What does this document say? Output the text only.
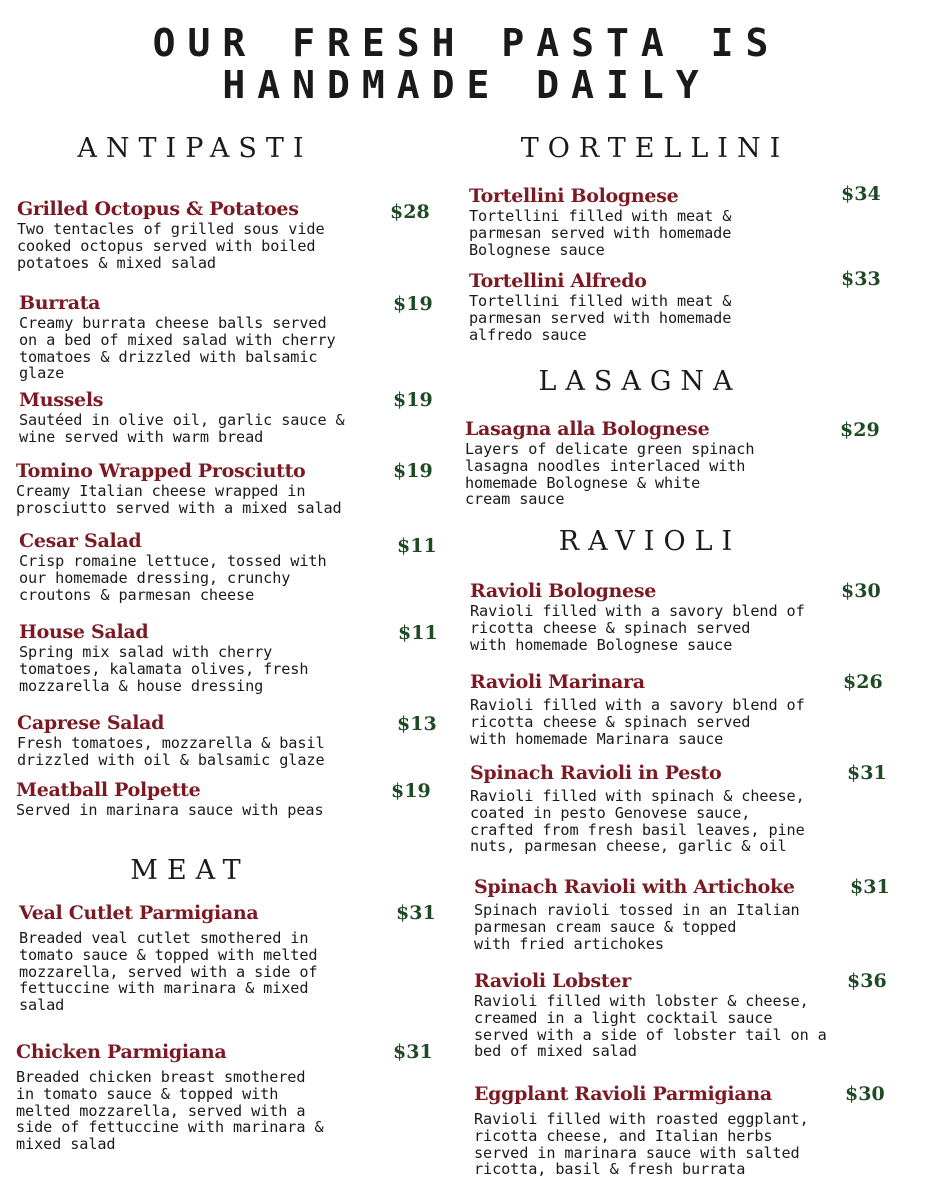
OUR FRESH PASTA IS HANDMADE DAILY
ANTIPASTI
Grilled Octopus & Potatoes
Two tentacles of grilled sous vide
cooked octopus served with boiled
potatoes & mixed salad
$28
Burrata
Creamy burrata cheese balls served
on a bed of mixed salad with cherry
tomatoes & drizzled with balsamic
glaze
$19
Mussels
Sautéed in olive oil, garlic sauce &
wine served with warm bread
$19
Tomino Wrapped Prosciutto
Creamy Italian cheese wrapped in
prosciutto served with a mixed salad
$19
Cesar Salad
Crisp romaine lettuce, tossed with
our homemade dressing, crunchy
croutons & parmesan cheese
$11
House Salad
Spring mix salad with cherry
tomatoes, kalamata olives, fresh
mozzarella & house dressing
$11
Caprese Salad
Fresh tomatoes, mozzarella & basil
drizzled with oil & balsamic glaze
$13
Meatball Polpette
Served in marinara sauce with peas
$19
MEAT
Veal Cutlet Parmigiana
Breaded veal cutlet smothered in
tomato sauce & topped with melted
mozzarella, served with a side of
fettuccine with marinara & mixed
salad
$31
Chicken Parmigiana
Breaded chicken breast smothered
in tomato sauce & topped with
melted mozzarella, served with a
side of fettuccine with marinara &
mixed salad
$31
TORTELLINI
Tortellini Bolognese
Tortellini filled with meat &
parmesan served with homemade
Bolognese sauce
$34
Tortellini Alfredo
Tortellini filled with meat &
parmesan served with homemade
alfredo sauce
$33
LASAGNA
Lasagna alla Bolognese
Layers of delicate green spinach
lasagna noodles interlaced with
homemade Bolognese & white
cream sauce
$29
RAVIOLI
Ravioli Bolognese
Ravioli filled with a savory blend of
ricotta cheese & spinach served
with homemade Bolognese sauce
$30
Ravioli Marinara
Ravioli filled with a savory blend of
ricotta cheese & spinach served
with homemade Marinara sauce
$26
Spinach Ravioli in Pesto
Ravioli filled with spinach & cheese,
coated in pesto Genovese sauce,
crafted from fresh basil leaves, pine
nuts, parmesan cheese, garlic & oil
$31
Spinach Ravioli with Artichoke
Spinach ravioli tossed in an Italian
parmesan cream sauce & topped
with fried artichokes
$31
Ravioli Lobster
Ravioli filled with lobster & cheese,
creamed in a light cocktail sauce
served with a side of lobster tail on a
bed of mixed salad
$36
Eggplant Ravioli Parmigiana
Ravioli filled with roasted eggplant,
ricotta cheese, and Italian herbs
served in marinara sauce with salted
ricotta, basil & fresh burrata
$30
